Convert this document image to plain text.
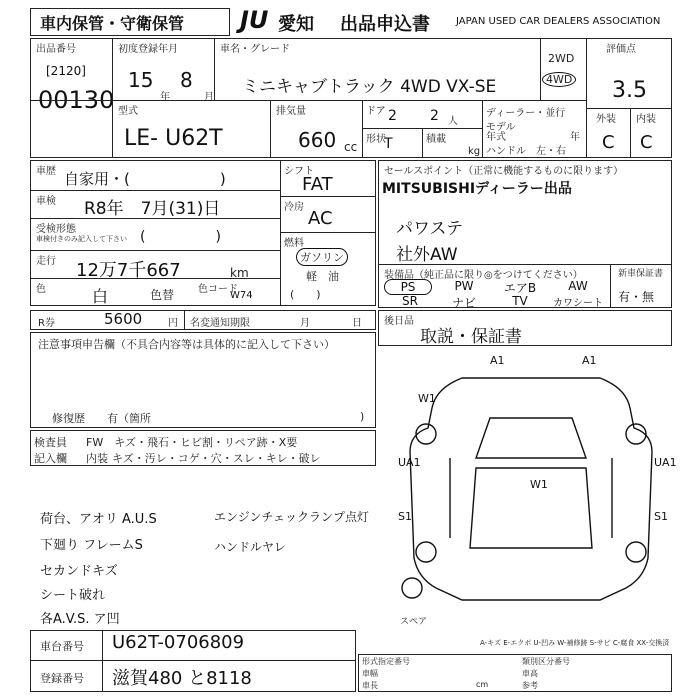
車内保管・守衛保管 JU 愛知 出品申込書	JAPAN USED CAR DEALERS ASSOCIATION
出品番号
[2120]
00130
初度登録年月
15
年
8
月
車名・グレード
ミニキャブトラック 4WD VX-SE
2WD
4WD
評価点
3.5
型式
LE- U62T
排気量
660 cc
ドア 2 2 人
形状
T	積載
kg
ディーラー・並行
モデル
年式	年
ハンドル　左・右
外装 内装
C C
車歴 自家用・(　　　　　　)
車検 R8年　7月(31)日
受検形態
車検付きのみ記入して下さい (　　　　　)
走行 12万7千667	km
色	白	色替 色コード
W74
シフト
FAT
冷房
AC
燃料
ガソリン
軽　油
(　　)
セールスポイント（正常に機能するものに限ります）
MITSUBISHIディーラー出品
パワステ
社外AW
装備品（純正品に限り◎をつけてください）
PS	PW	エアB	AW
SR	ナビ	TV	カワシート
新車保証書
有・無
R券	5600	円 名変通知期限	月	日 後日品
取説・保証書
注意事項申告欄（不具合内容等は具体的に記入して下さい）
修復歴　　有（箇所	)
検査員
記入欄
FW　キズ・飛石・ヒビ割・リペア跡・X要
内装 キズ・汚レ・コゲ・穴・スレ・キレ・破レ
荷台、アオリ A.U.S	エンジンチェックランプ点灯
下廻り フレームS	ハンドルヤレ
セカンドキズ
シート破れ
各A.V.S. ア凹
A1	A1
W1
W1
UA1	UA1
S1	S1
スペア
A-キズ E-エクボ U-凹み W-補修跡 S-サビ C-腐食 XX-交換済
車台番号 U62T-0706809
登録番号 滋賀480 と8118
形式指定番号	類別区分番号
車幅	車高
車長	参考
cm
